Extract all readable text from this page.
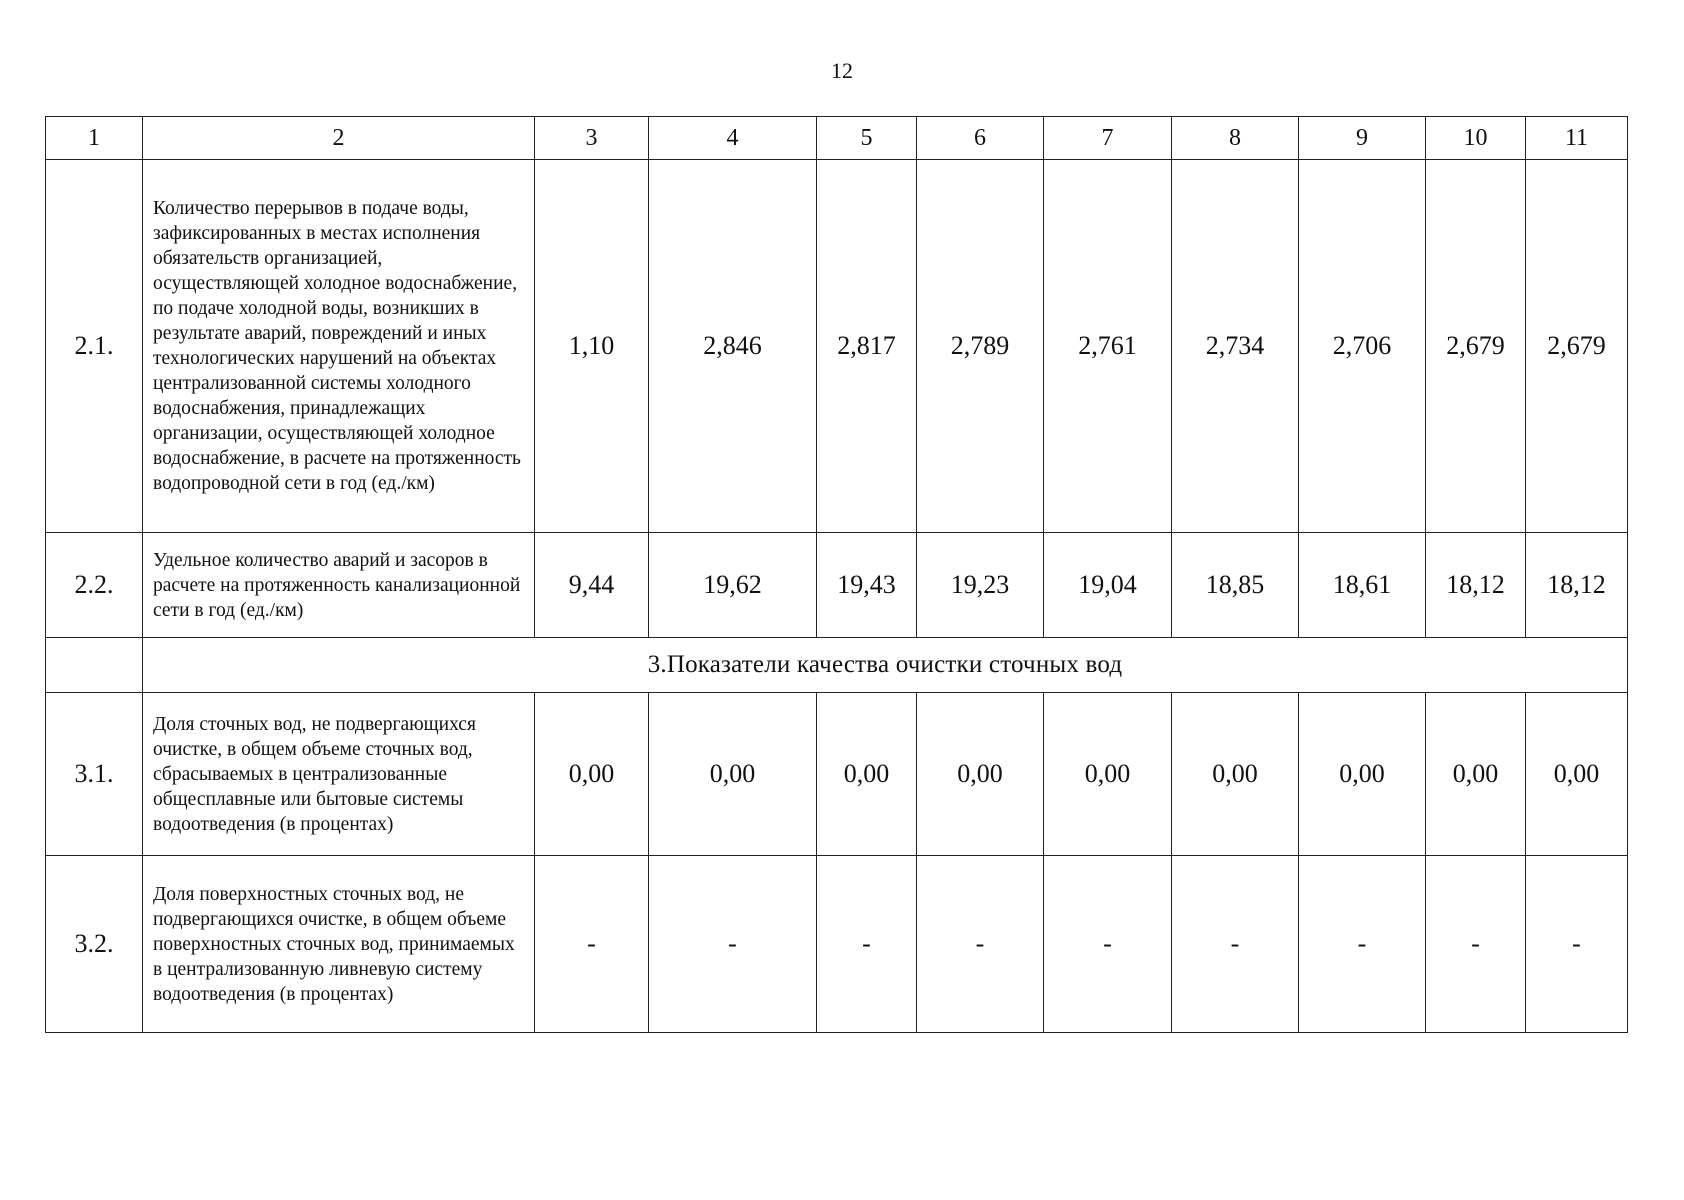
12
1	2	3	4	5	6	7	8	9	10	11
2.1.	Количество перерывов в подаче воды, зафиксированных в местах исполнения обязательств организацией, осуществляющей холодное водоснабжение, по подаче холодной воды, возникших в результате аварий, повреждений и иных технологических нарушений на объектах централизованной системы холодного водоснабжения, принадлежащих организации, осуществляющей холодное водоснабжение, в расчете на протяженность водопроводной сети в год (ед./км)	1,10	2,846	2,817	2,789	2,761	2,734	2,706	2,679	2,679
2.2.	Удельное количество аварий и засоров в расчете на протяженность канализационной сети в год (ед./км)	9,44	19,62	19,43	19,23	19,04	18,85	18,61	18,12	18,12
	3.Показатели качества очистки сточных вод									
3.1.	Доля сточных вод, не подвергающихся очистке, в общем объеме сточных вод, сбрасываемых в централизованные общесплавные или бытовые системы водоотведения (в процентах)	0,00	0,00	0,00	0,00	0,00	0,00	0,00	0,00	0,00
3.2.	Доля поверхностных сточных вод, не подвергающихся очистке, в общем объеме поверхностных сточных вод, принимаемых в централизованную ливневую систему водоотведения (в процентах)	-	-	-	-	-	-	-	-	-
